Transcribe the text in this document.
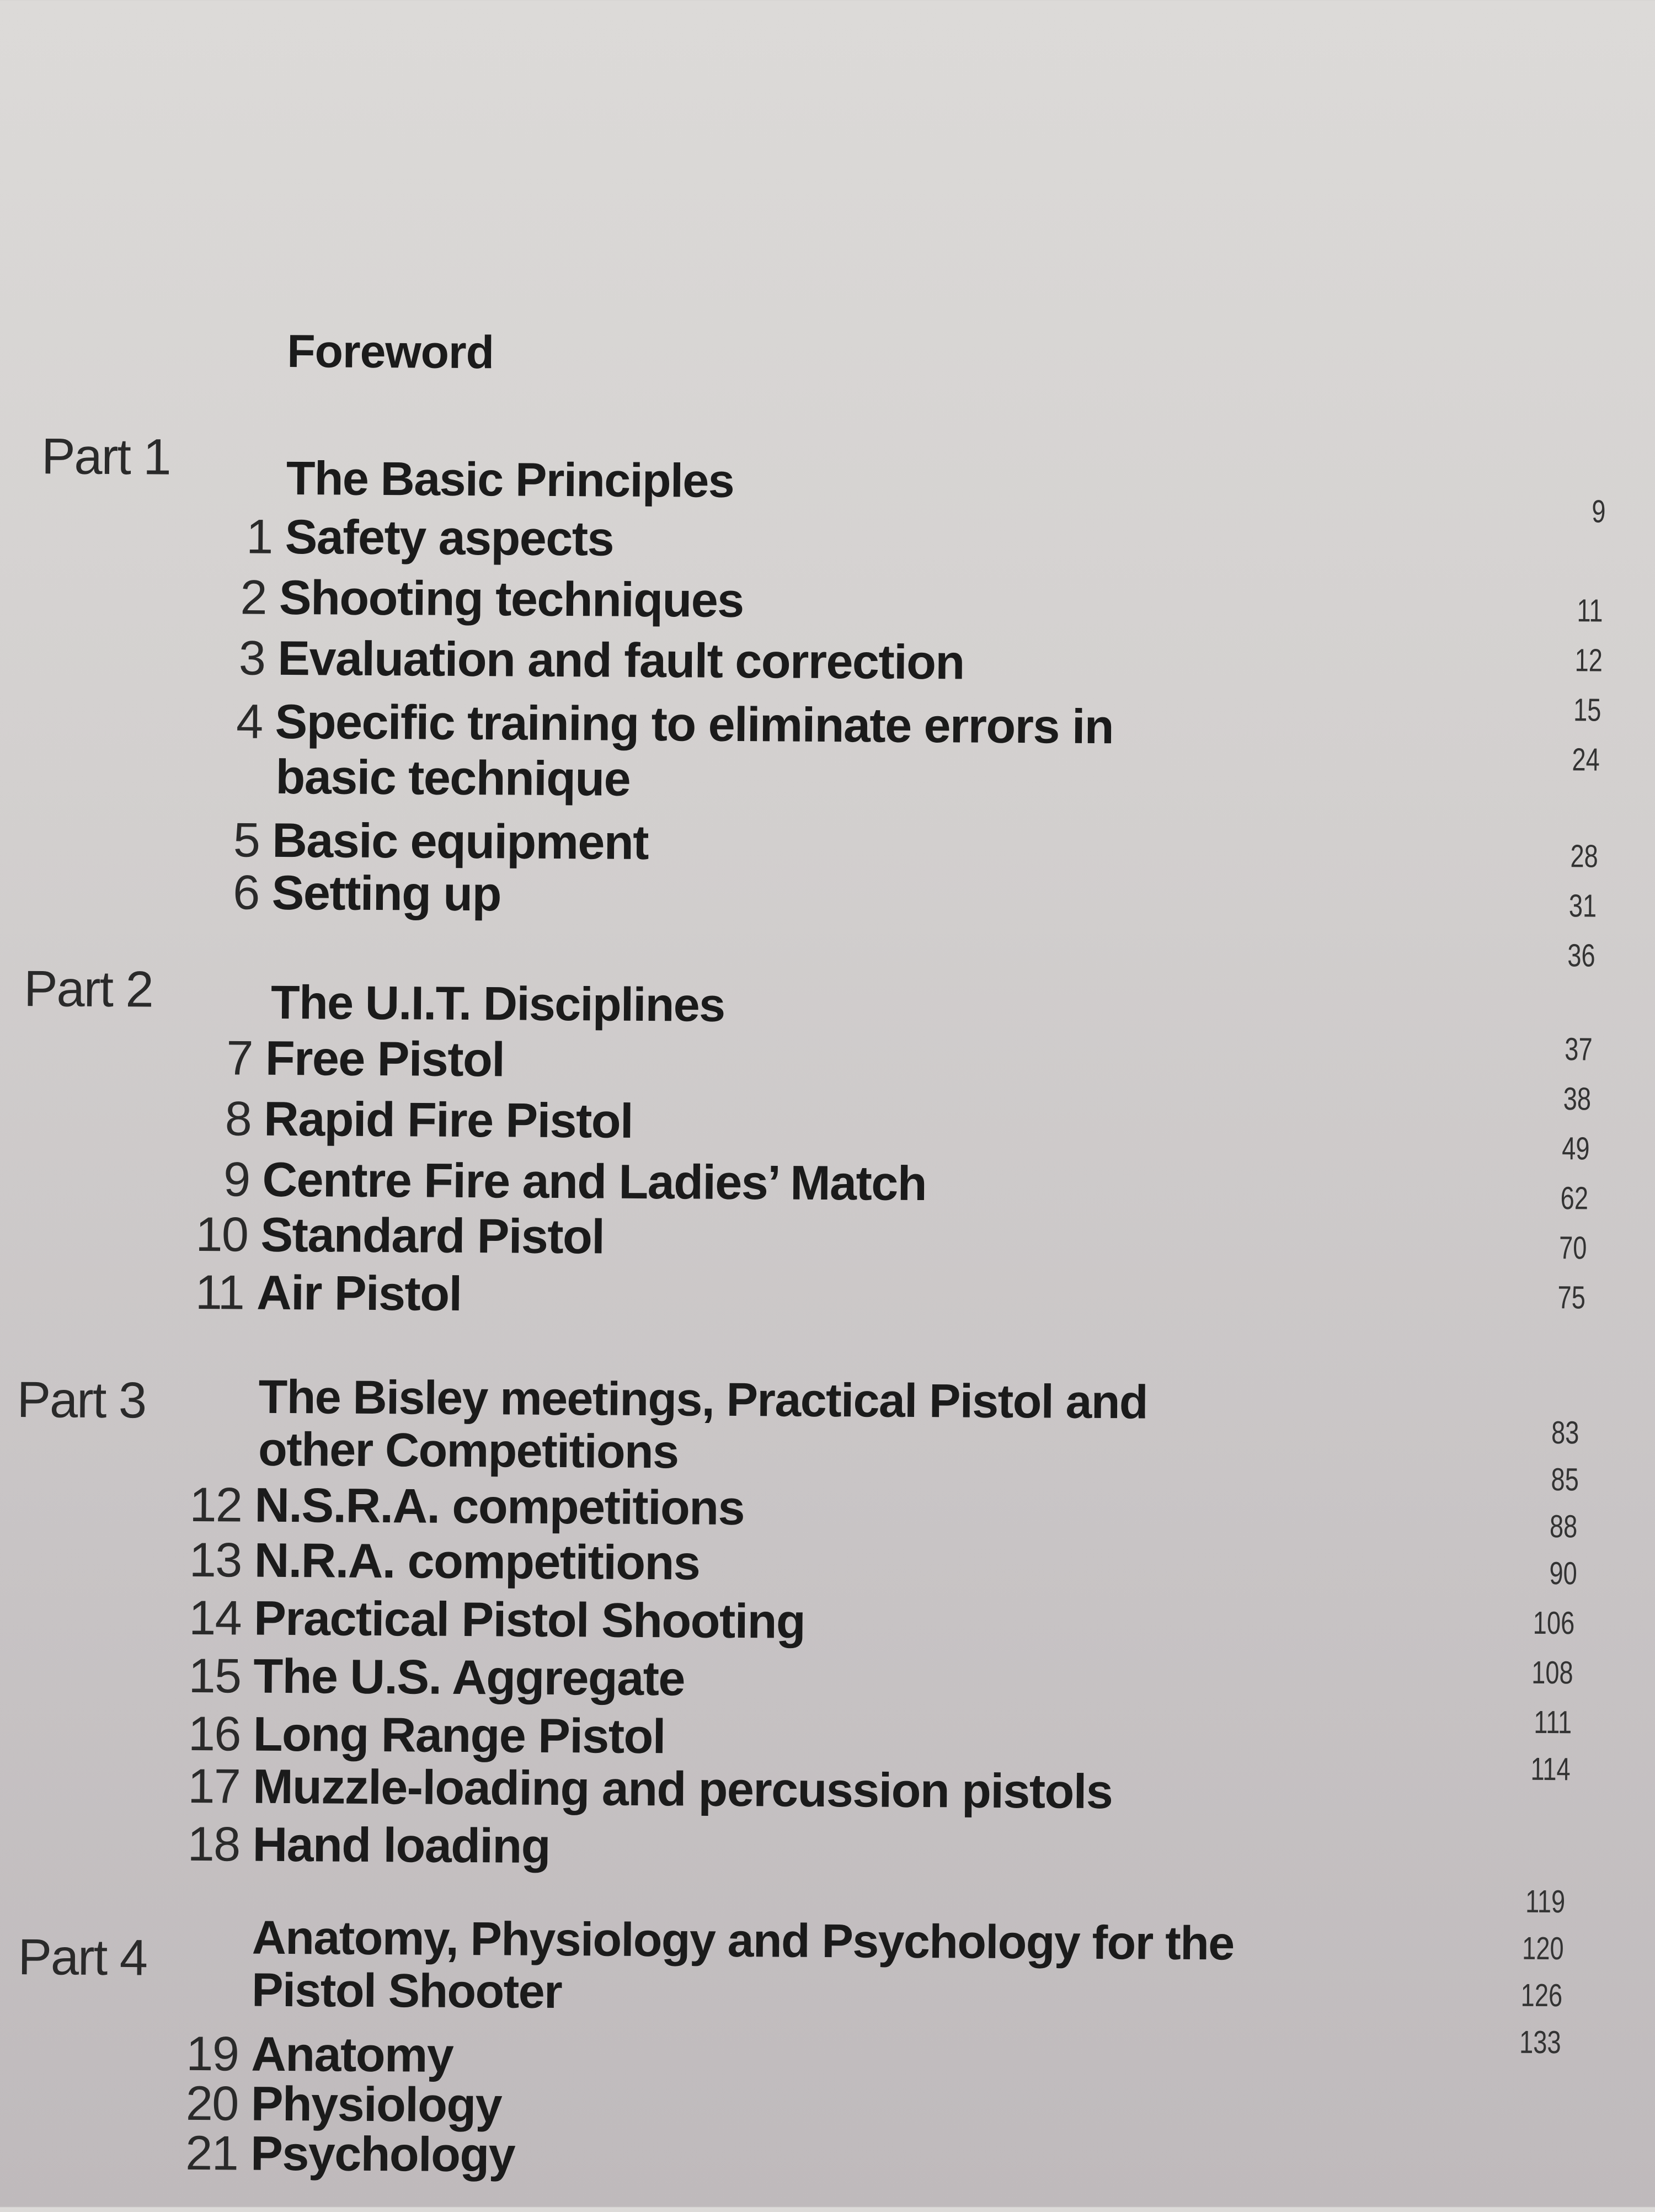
Foreword
Part 1 The Basic Principles
1 Safety aspects
2 Shooting techniques
3 Evaluation and fault correction
4 Specific training to eliminate errors in
basic technique
5 Basic equipment
6 Setting up
Part 2 The U.I.T. Disciplines
7 Free Pistol
8 Rapid Fire Pistol
9 Centre Fire and Ladies’ Match
10 Standard Pistol
11 Air Pistol
Part 3 The Bisley meetings, Practical Pistol and
other Competitions
12 N.S.R.A. competitions
13 N.R.A. competitions
14 Practical Pistol Shooting
15 The U.S. Aggregate
16 Long Range Pistol
17 Muzzle-loading and percussion pistols
18 Hand loading
Part 4 Anatomy, Physiology and Psychology for the
Pistol Shooter
19 Anatomy
20 Physiology
21 Psychology
9
11
12
15
24
28
31
36
37
38
49
62
70
75
83
85
88
90
106
108
111
114
119
120
126
133
